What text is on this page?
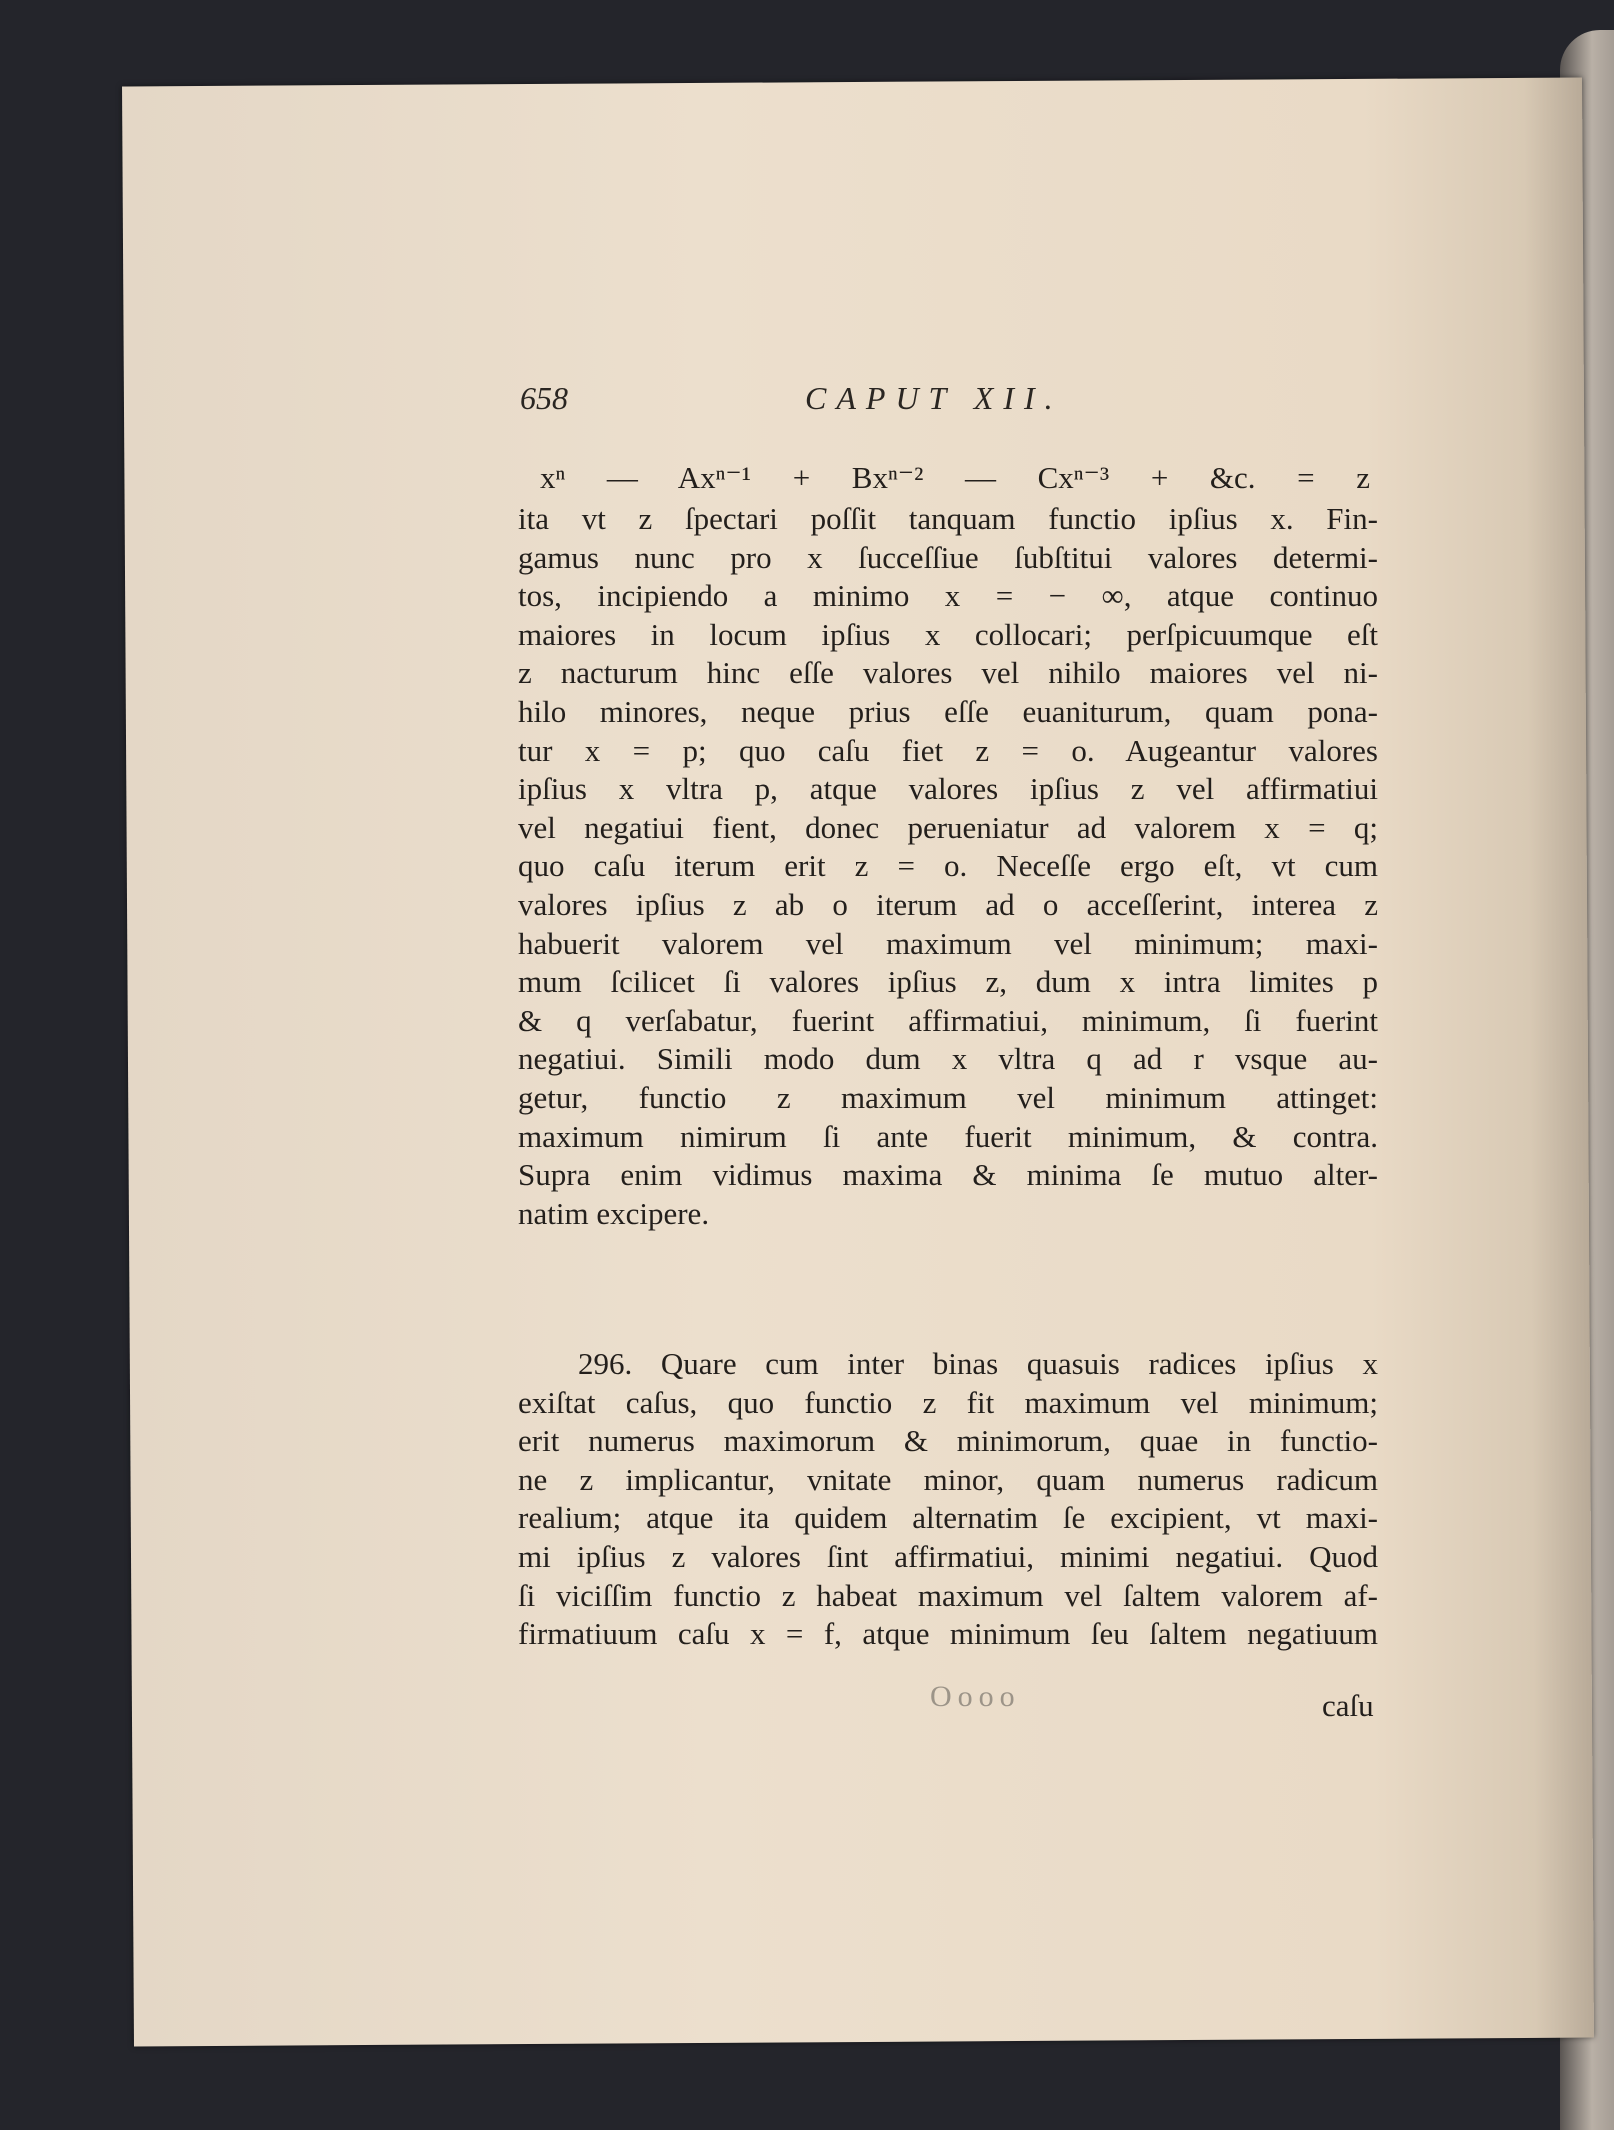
658	CAPUT XII.
xⁿ — Axⁿ⁻¹ + Bxⁿ⁻² — Cxⁿ⁻³ + &c. = z
ita vt z ſpectari poſſit tanquam functio ipſius x. Fin-
gamus nunc pro x ſucceſſiue ſubſtitui valores determi-
tos, incipiendo a minimo x = − ∞, atque continuo
maiores in locum ipſius x collocari; perſpicuumque eſt
z nacturum hinc eſſe valores vel nihilo maiores vel ni-
hilo minores, neque prius eſſe euaniturum, quam pona-
tur x = p; quo caſu fiet z = o. Augeantur valores
ipſius x vltra p, atque valores ipſius z vel affirmatiui
vel negatiui fient, donec perueniatur ad valorem x = q;
quo caſu iterum erit z = o. Neceſſe ergo eſt, vt cum
valores ipſius z ab o iterum ad o acceſſerint, interea z
habuerit valorem vel maximum vel minimum; maxi-
mum ſcilicet ſi valores ipſius z, dum x intra limites p
& q verſabatur, fuerint affirmatiui, minimum, ſi fuerint
negatiui. Simili modo dum x vltra q ad r vsque au-
getur, functio z maximum vel minimum attinget:
maximum nimirum ſi ante fuerit minimum, & contra.
Supra enim vidimus maxima & minima ſe mutuo alter-
natim excipere.
296. Quare cum inter binas quasuis radices ipſius x
exiſtat caſus, quo functio z fit maximum vel minimum;
erit numerus maximorum & minimorum, quae in functio-
ne z implicantur, vnitate minor, quam numerus radicum
realium; atque ita quidem alternatim ſe excipient, vt maxi-
mi ipſius z valores ſint affirmatiui, minimi negatiui. Quod
ſi viciſſim functio z habeat maximum vel ſaltem valorem af-
firmatiuum caſu x = f, atque minimum ſeu ſaltem negatiuum
Oooo	caſu
